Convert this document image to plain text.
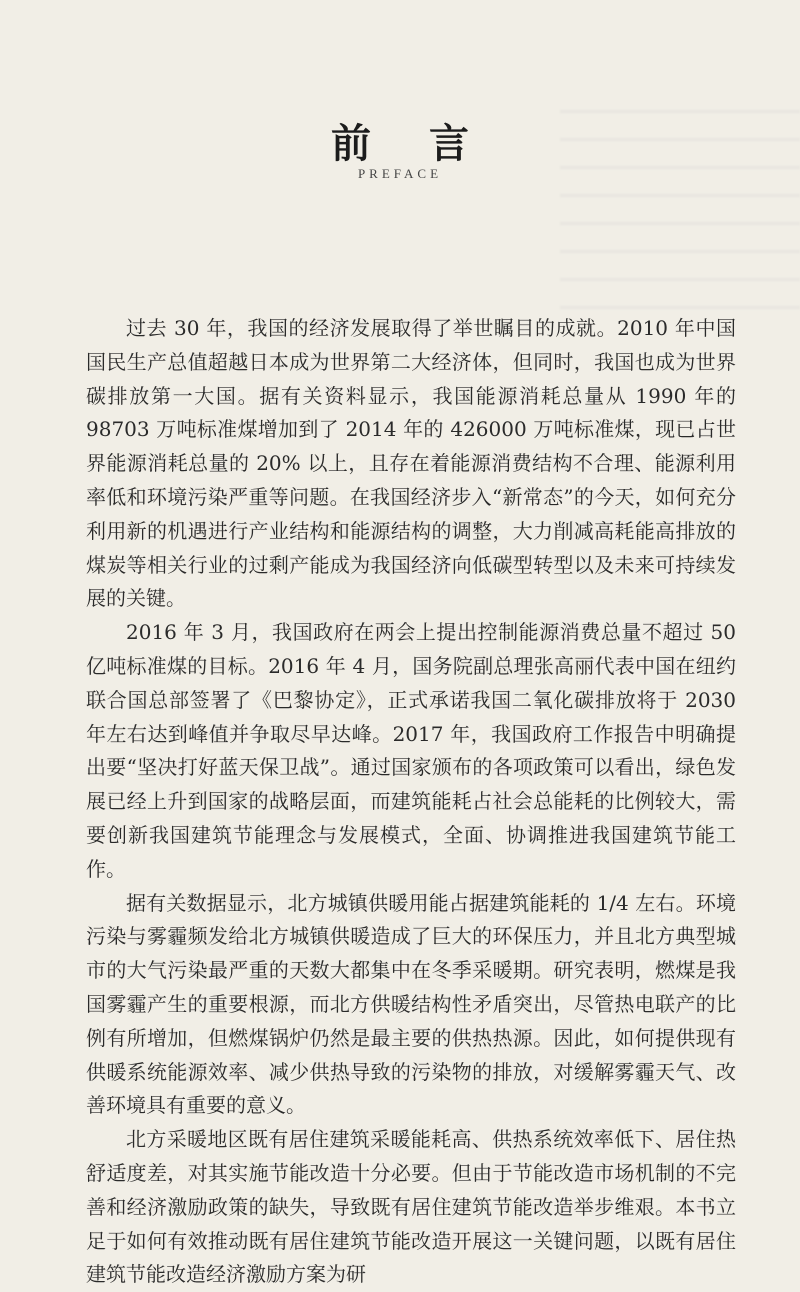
前 言
PREFACE

过去 30 年，我国的经济发展取得了举世瞩目的成就。2010 年中国国民生产总值超越日本成为世界第二大经济体，但同时，我国也成为世界碳排放第一大国。据有关资料显示，我国能源消耗总量从 1990 年的 98703 万吨标准煤增加到了 2014 年的 426000 万吨标准煤，现已占世界能源消耗总量的 20% 以上，且存在着能源消费结构不合理、能源利用率低和环境污染严重等问题。在我国经济步入“新常态”的今天，如何充分利用新的机遇进行产业结构和能源结构的调整，大力削减高耗能高排放的煤炭等相关行业的过剩产能成为我国经济向低碳型转型以及未来可持续发展的关键。

2016 年 3 月，我国政府在两会上提出控制能源消费总量不超过 50 亿吨标准煤的目标。2016 年 4 月，国务院副总理张高丽代表中国在纽约联合国总部签署了《巴黎协定》，正式承诺我国二氧化碳排放将于 2030 年左右达到峰值并争取尽早达峰。2017 年，我国政府工作报告中明确提出要“坚决打好蓝天保卫战”。通过国家颁布的各项政策可以看出，绿色发展已经上升到国家的战略层面，而建筑能耗占社会总能耗的比例较大，需要创新我国建筑节能理念与发展模式，全面、协调推进我国建筑节能工作。

据有关数据显示，北方城镇供暖用能占据建筑能耗的 1/4 左右。环境污染与雾霾频发给北方城镇供暖造成了巨大的环保压力，并且北方典型城市的大气污染最严重的天数大都集中在冬季采暖期。研究表明，燃煤是我国雾霾产生的重要根源，而北方供暖结构性矛盾突出，尽管热电联产的比例有所增加，但燃煤锅炉仍然是最主要的供热热源。因此，如何提供现有供暖系统能源效率、减少供热导致的污染物的排放，对缓解雾霾天气、改善环境具有重要的意义。

北方采暖地区既有居住建筑采暖能耗高、供热系统效率低下、居住热舒适度差，对其实施节能改造十分必要。但由于节能改造市场机制的不完善和经济激励政策的缺失，导致既有居住建筑节能改造举步维艰。本书立足于如何有效推动既有居住建筑节能改造开展这一关键问题，以既有居住建筑节能改造经济激励方案为研
